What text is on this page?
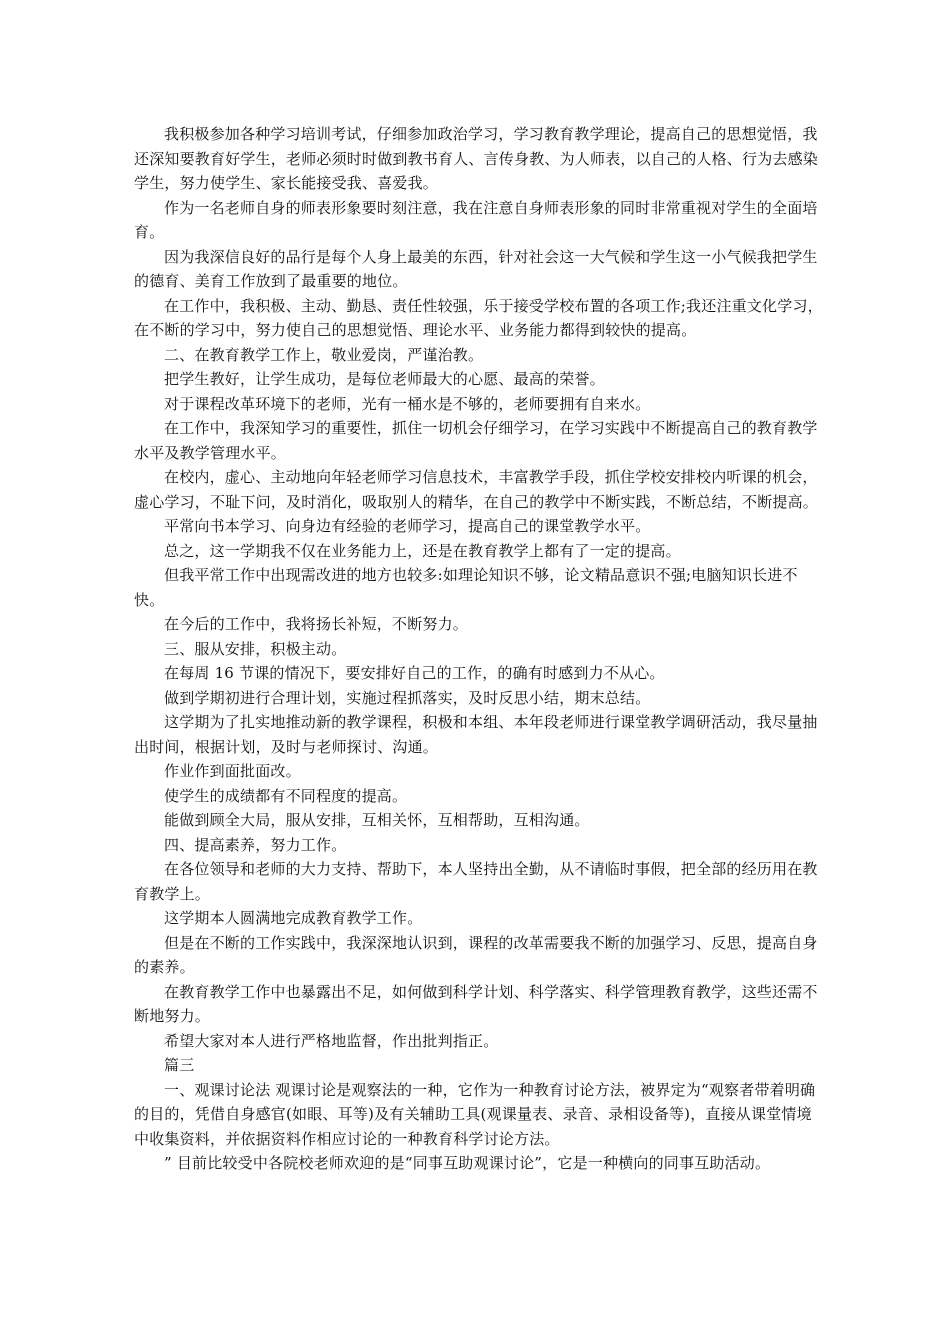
我积极参加各种学习培训考试，仔细参加政治学习，学习教育教学理论，提高自己的思想觉悟，我还深知要教育好学生，老师必须时时做到教书育人、言传身教、为人师表，以自己的人格、行为去感染学生，努力使学生、家长能接受我、喜爱我。

作为一名老师自身的师表形象要时刻注意，我在注意自身师表形象的同时非常重视对学生的全面培育。

因为我深信良好的品行是每个人身上最美的东西，针对社会这一大气候和学生这一小气候我把学生的德育、美育工作放到了最重要的地位。

在工作中，我积极、主动、勤恳、责任性较强，乐于接受学校布置的各项工作;我还注重文化学习，在不断的学习中，努力使自己的思想觉悟、理论水平、业务能力都得到较快的提高。

二、在教育教学工作上，敬业爱岗，严谨治教。

把学生教好，让学生成功，是每位老师最大的心愿、最高的荣誉。

对于课程改革环境下的老师，光有一桶水是不够的，老师要拥有自来水。

在工作中，我深知学习的重要性，抓住一切机会仔细学习，在学习实践中不断提高自己的教育教学水平及教学管理水平。

在校内，虚心、主动地向年轻老师学习信息技术，丰富教学手段，抓住学校安排校内听课的机会，虚心学习，不耻下问，及时消化，吸取别人的精华，在自己的教学中不断实践，不断总结，不断提高。

平常向书本学习、向身边有经验的老师学习，提高自己的课堂教学水平。

总之，这一学期我不仅在业务能力上，还是在教育教学上都有了一定的提高。

但我平常工作中出现需改进的地方也较多:如理论知识不够，论文精品意识不强;电脑知识长进不快。

在今后的工作中，我将扬长补短，不断努力。

三、服从安排，积极主动。

在每周 16 节课的情况下，要安排好自己的工作，的确有时感到力不从心。

做到学期初进行合理计划，实施过程抓落实，及时反思小结，期末总结。

这学期为了扎实地推动新的教学课程，积极和本组、本年段老师进行课堂教学调研活动，我尽量抽出时间，根据计划，及时与老师探讨、沟通。

作业作到面批面改。

使学生的成绩都有不同程度的提高。

能做到顾全大局，服从安排，互相关怀，互相帮助，互相沟通。

四、提高素养，努力工作。

在各位领导和老师的大力支持、帮助下，本人坚持出全勤，从不请临时事假，把全部的经历用在教育教学上。

这学期本人圆满地完成教育教学工作。

但是在不断的工作实践中，我深深地认识到，课程的改革需要我不断的加强学习、反思，提高自身的素养。

在教育教学工作中也暴露出不足，如何做到科学计划、科学落实、科学管理教育教学，这些还需不断地努力。

希望大家对本人进行严格地监督，作出批判指正。

篇三

一、观课讨论法 观课讨论是观察法的一种，它作为一种教育讨论方法，被界定为“观察者带着明确的目的，凭借自身感官(如眼、耳等)及有关辅助工具(观课量表、录音、录相设备等)，直接从课堂情境中收集资料，并依据资料作相应讨论的一种教育科学讨论方法。

” 目前比较受中各院校老师欢迎的是“同事互助观课讨论”，它是一种横向的同事互助活动。
